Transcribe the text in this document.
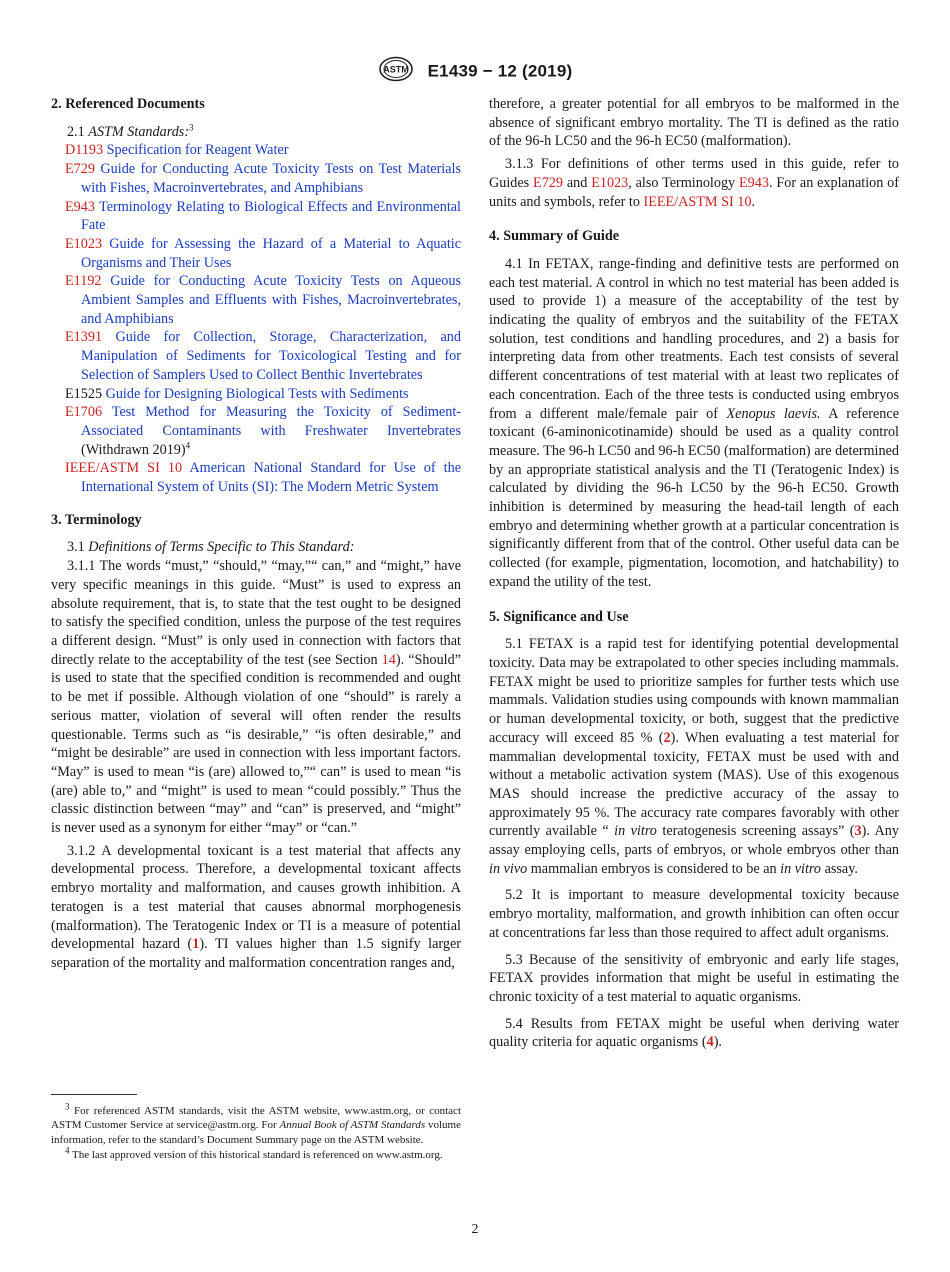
ASTM E1439 − 12 (2019)

2. Referenced Documents

2.1 ASTM Standards:$^3$

D1193 Specification for Reagent Water

E729 Guide for Conducting Acute Toxicity Tests on Test Materials with Fishes, Macroinvertebrates, and Amphibians

E943 Terminology Relating to Biological Effects and Environmental Fate

E1023 Guide for Assessing the Hazard of a Material to Aquatic Organisms and Their Uses

E1192 Guide for Conducting Acute Toxicity Tests on Aqueous Ambient Samples and Effluents with Fishes, Macroinvertebrates, and Amphibians

E1391 Guide for Collection, Storage, Characterization, and Manipulation of Sediments for Toxicological Testing and for Selection of Samplers Used to Collect Benthic Invertebrates

E1525 Guide for Designing Biological Tests with Sediments

E1706 Test Method for Measuring the Toxicity of Sediment-Associated Contaminants with Freshwater Invertebrates (Withdrawn 2019)$^4$

IEEE/ASTM SI 10 American National Standard for Use of the International System of Units (SI): The Modern Metric System

3. Terminology

3.1 Definitions of Terms Specific to This Standard:

3.1.1 The words “must,” “should,” “may,”“ can,” and “might,” have very specific meanings in this guide. “Must” is used to express an absolute requirement, that is, to state that the test ought to be designed to satisfy the specified condition, unless the purpose of the test requires a different design. “Must” is only used in connection with factors that directly relate to the acceptability of the test (see Section 14). “Should” is used to state that the specified condition is recommended and ought to be met if possible. Although violation of one “should” is rarely a serious matter, violation of several will often render the results questionable. Terms such as “is desirable,” “is often desirable,” and “might be desirable” are used in connection with less important factors. “May” is used to mean “is (are) allowed to,”“ can” is used to mean “is (are) able to,” and “might” is used to mean “could possibly.” Thus the classic distinction between “may” and “can” is preserved, and “might” is never used as a synonym for either “may” or “can.”

3.1.2 A developmental toxicant is a test material that affects any developmental process. Therefore, a developmental toxicant affects embryo mortality and malformation, and causes growth inhibition. A teratogen is a test material that causes abnormal morphogenesis (malformation). The Teratogenic Index or TI is a measure of potential developmental hazard (1). TI values higher than 1.5 signify larger separation of the mortality and malformation concentration ranges and,

therefore, a greater potential for all embryos to be malformed in the absence of significant embryo mortality. The TI is defined as the ratio of the 96-h LC50 and the 96-h EC50 (malformation).

3.1.3 For definitions of other terms used in this guide, refer to Guides E729 and E1023, also Terminology E943. For an explanation of units and symbols, refer to IEEE/ASTM SI 10.

4. Summary of Guide

4.1 In FETAX, range-finding and definitive tests are performed on each test material. A control in which no test material has been added is used to provide 1) a measure of the acceptability of the test by indicating the quality of embryos and the suitability of the FETAX solution, test conditions and handling procedures, and 2) a basis for interpreting data from other treatments. Each test consists of several different concentrations of test material with at least two replicates of each concentration. Each of the three tests is conducted using embryos from a different male/female pair of Xenopus laevis. A reference toxicant (6-aminonicotinamide) should be used as a quality control measure. The 96-h LC50 and 96-h EC50 (malformation) are determined by an appropriate statistical analysis and the TI (Teratogenic Index) is calculated by dividing the 96-h LC50 by the 96-h EC50. Growth inhibition is determined by measuring the head-tail length of each embryo and determining whether growth at a particular concentration is significantly different from that of the control. Other useful data can be collected (for example, pigmentation, locomotion, and hatchability) to expand the utility of the test.

5. Significance and Use

5.1 FETAX is a rapid test for identifying potential developmental toxicity. Data may be extrapolated to other species including mammals. FETAX might be used to prioritize samples for further tests which use mammals. Validation studies using compounds with known mammalian or human developmental toxicity, or both, suggest that the predictive accuracy will exceed 85 % (2). When evaluating a test material for mammalian developmental toxicity, FETAX must be used with and without a metabolic activation system (MAS). Use of this exogenous MAS should increase the predictive accuracy of the assay to approximately 95 %. The accuracy rate compares favorably with other currently available “ in vitro teratogenesis screening assays” (3). Any assay employing cells, parts of embryos, or whole embryos other than in vivo mammalian embryos is considered to be an in vitro assay.

5.2 It is important to measure developmental toxicity because embryo mortality, malformation, and growth inhibition can often occur at concentrations far less than those required to affect adult organisms.

5.3 Because of the sensitivity of embryonic and early life stages, FETAX provides information that might be useful in estimating the chronic toxicity of a test material to aquatic organisms.

5.4 Results from FETAX might be useful when deriving water quality criteria for aquatic organisms (4).

$^3$ For referenced ASTM standards, visit the ASTM website, www.astm.org, or contact ASTM Customer Service at service@astm.org. For Annual Book of ASTM Standards volume information, refer to the standard’s Document Summary page on the ASTM website.

$^4$ The last approved version of this historical standard is referenced on www.astm.org.

2
